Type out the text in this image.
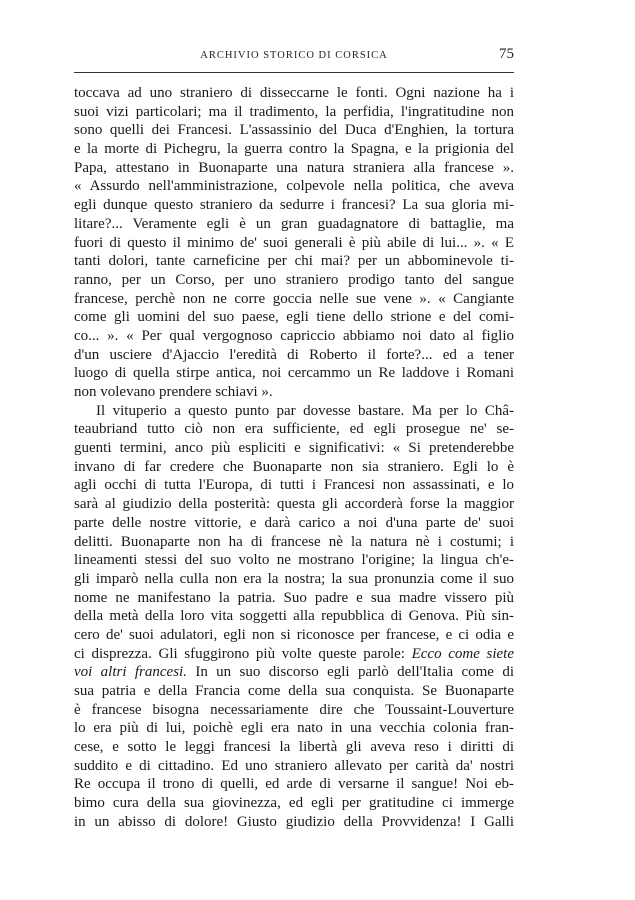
ARCHIVIO STORICO DI CORSICA	75
toccava ad uno straniero di disseccarne le fonti. Ogni nazione ha i
suoi vizi particolari; ma il tradimento, la perfidia, l'ingratitudine non
sono quelli dei Francesi. L'assassinio del Duca d'Enghien, la tortura
e la morte di Pichegru, la guerra contro la Spagna, e la prigionia del
Papa, attestano in Buonaparte una natura straniera alla francese ».
« Assurdo nell'amministrazione, colpevole nella politica, che aveva
egli dunque questo straniero da sedurre i francesi? La sua gloria mi-
litare?... Veramente egli è un gran guadagnatore di battaglie, ma
fuori di questo il minimo de' suoi generali è più abile di lui... ». « E
tanti dolori, tante carneficine per chi mai? per un abbominevole ti-
ranno, per un Corso, per uno straniero prodigo tanto del sangue
francese, perchè non ne corre goccia nelle sue vene ». « Cangiante
come gli uomini del suo paese, egli tiene dello strione e del comi-
co... ». « Per qual vergognoso capriccio abbiamo noi dato al figlio
d'un usciere d'Ajaccio l'eredità di Roberto il forte?... ed a tener
luogo di quella stirpe antica, noi cercammo un Re laddove i Romani
non volevano prendere schiavi ».
Il vituperio a questo punto par dovesse bastare. Ma per lo Châ-
teaubriand tutto ciò non era sufficiente, ed egli prosegue ne' se-
guenti termini, anco più espliciti e significativi: « Si pretenderebbe
invano di far credere che Buonaparte non sia straniero. Egli lo è
agli occhi di tutta l'Europa, di tutti i Francesi non assassinati, e lo
sarà al giudizio della posterità: questa gli accorderà forse la maggior
parte delle nostre vittorie, e darà carico a noi d'una parte de' suoi
delitti. Buonaparte non ha di francese nè la natura nè i costumi; i
lineamenti stessi del suo volto ne mostrano l'origine; la lingua ch'e-
gli imparò nella culla non era la nostra; la sua pronunzia come il suo
nome ne manifestano la patria. Suo padre e sua madre vissero più
della metà della loro vita soggetti alla repubblica di Genova. Più sin-
cero de' suoi adulatori, egli non si riconosce per francese, e ci odia e
ci disprezza. Gli sfuggirono più volte queste parole: Ecco come siete
voi altri francesi. In un suo discorso egli parlò dell'Italia come di
sua patria e della Francia come della sua conquista. Se Buonaparte
è francese bisogna necessariamente dire che Toussaint-Louverture
lo era più di lui, poichè egli era nato in una vecchia colonia fran-
cese, e sotto le leggi francesi la libertà gli aveva reso i diritti di
suddito e di cittadino. Ed uno straniero allevato per carità da' nostri
Re occupa il trono di quelli, ed arde di versarne il sangue! Noi eb-
bimo cura della sua giovinezza, ed egli per gratitudine ci immerge
in un abisso di dolore! Giusto giudizio della Provvidenza! I Galli
